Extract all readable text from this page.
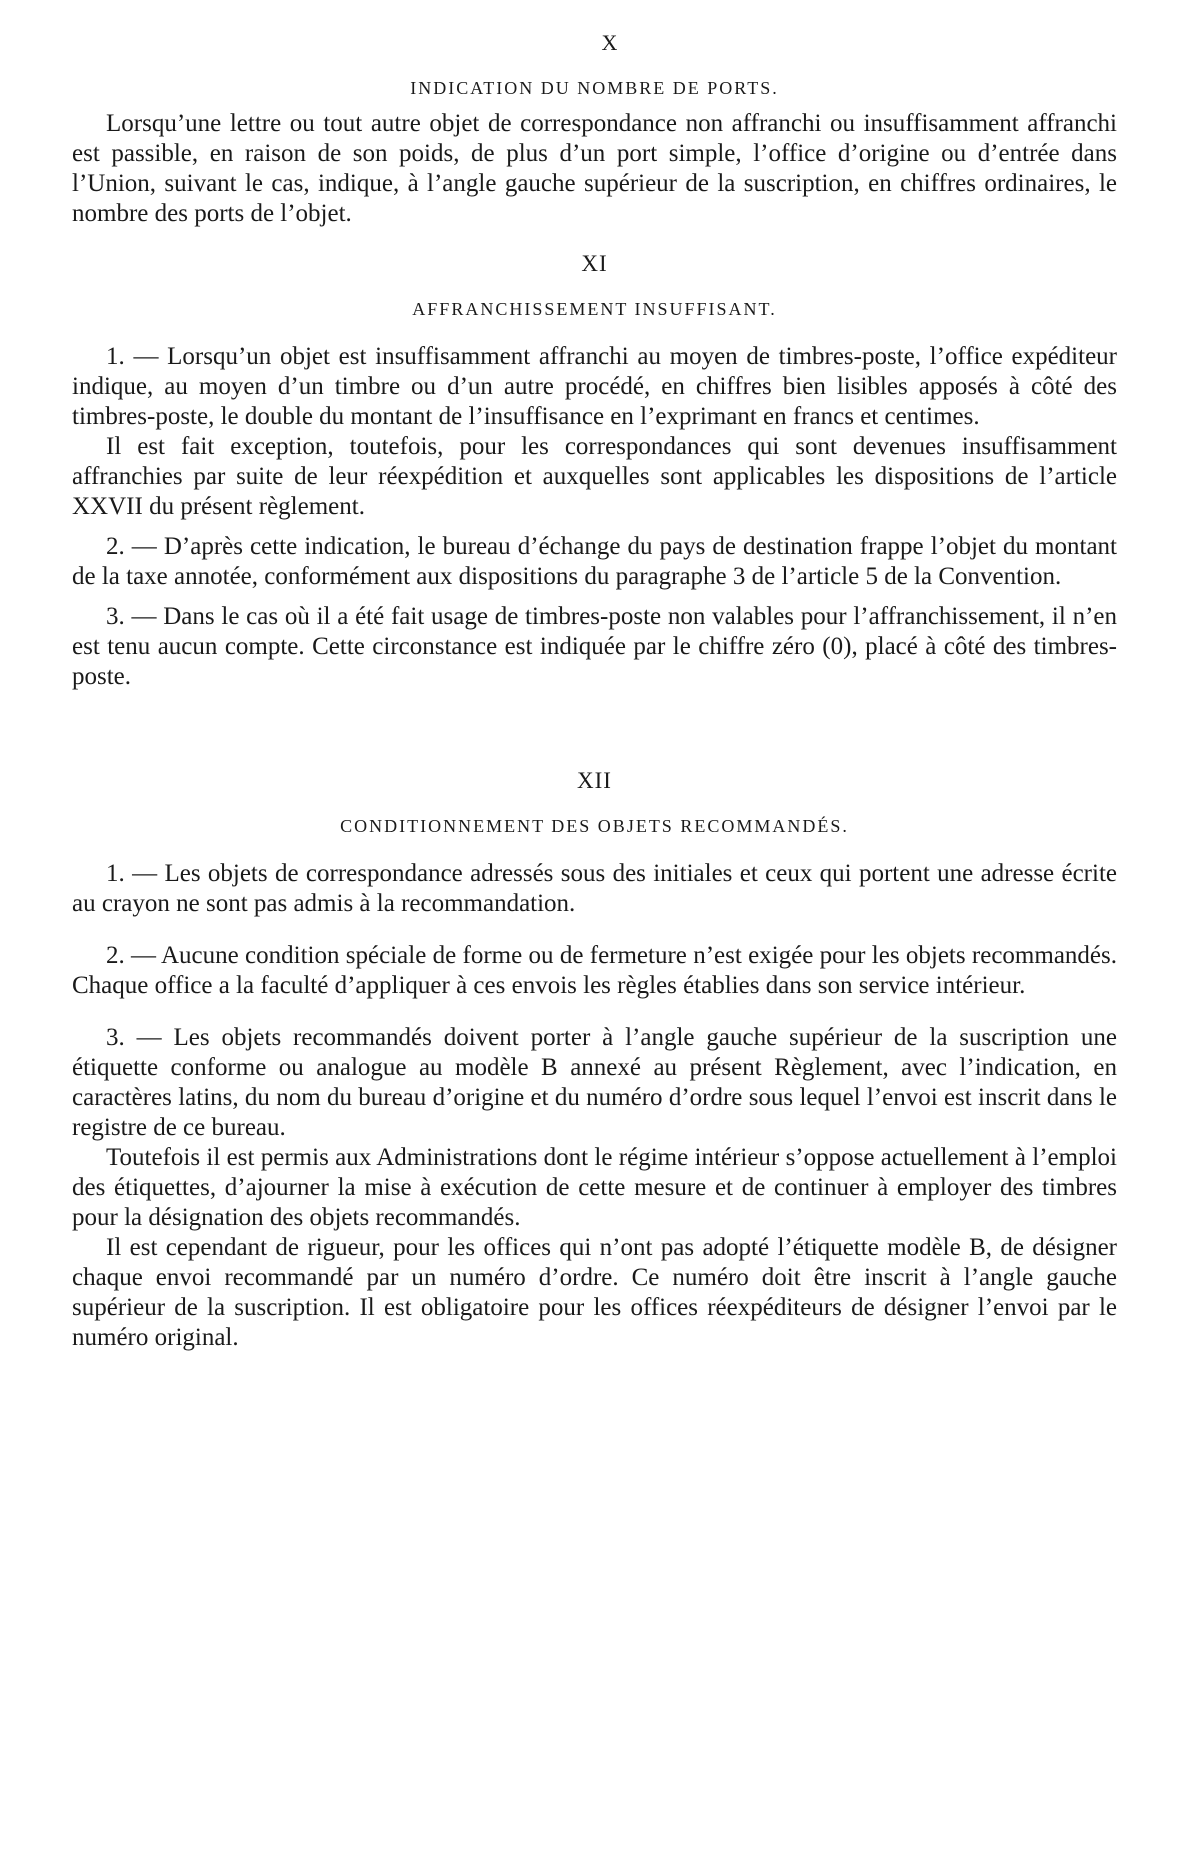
X
INDICATION DU NOMBRE DE PORTS.

Lorsqu’une lettre ou tout autre objet de correspondance non affranchi ou insuffisamment affranchi est passible, en raison de son poids, de plus d’un port simple, l’office d’origine ou d’entrée dans l’Union, suivant le cas, indique, à l’angle gauche supérieur de la suscription, en chiffres ordinaires, le nombre des ports de l’objet.

XI
AFFRANCHISSEMENT INSUFFISANT.

1. — Lorsqu’un objet est insuffisamment affranchi au moyen de timbres-poste, l’office expéditeur indique, au moyen d’un timbre ou d’un autre procédé, en chiffres bien lisibles apposés à côté des timbres-poste, le double du montant de l’insuffisance en l’exprimant en francs et centimes.

Il est fait exception, toutefois, pour les correspondances qui sont devenues insuffisamment affranchies par suite de leur réexpédition et auxquelles sont applicables les dispositions de l’article XXVII du présent règlement.

2. — D’après cette indication, le bureau d’échange du pays de destination frappe l’objet du montant de la taxe annotée, conformément aux dispositions du paragraphe 3 de l’article 5 de la Convention.

3. — Dans le cas où il a été fait usage de timbres-poste non valables pour l’affranchissement, il n’en est tenu aucun compte. Cette circonstance est indiquée par le chiffre zéro (0), placé à côté des timbres-poste.

XII
CONDITIONNEMENT DES OBJETS RECOMMANDÉS.

1. — Les objets de correspondance adressés sous des initiales et ceux qui portent une adresse écrite au crayon ne sont pas admis à la recommandation.

2. — Aucune condition spéciale de forme ou de fermeture n’est exigée pour les objets recommandés. Chaque office a la faculté d’appliquer à ces envois les règles établies dans son service intérieur.

3. — Les objets recommandés doivent porter à l’angle gauche supérieur de la suscription une étiquette conforme ou analogue au modèle B annexé au présent Règlement, avec l’indication, en caractères latins, du nom du bureau d’origine et du numéro d’ordre sous lequel l’envoi est inscrit dans le registre de ce bureau.

Toutefois il est permis aux Administrations dont le régime intérieur s’oppose actuellement à l’emploi des étiquettes, d’ajourner la mise à exécution de cette mesure et de continuer à employer des timbres pour la désignation des objets recommandés.

Il est cependant de rigueur, pour les offices qui n’ont pas adopté l’étiquette modèle B, de désigner chaque envoi recommandé par un numéro d’ordre. Ce numéro doit être inscrit à l’angle gauche supérieur de la suscription. Il est obligatoire pour les offices réexpéditeurs de désigner l’envoi par le numéro original.
